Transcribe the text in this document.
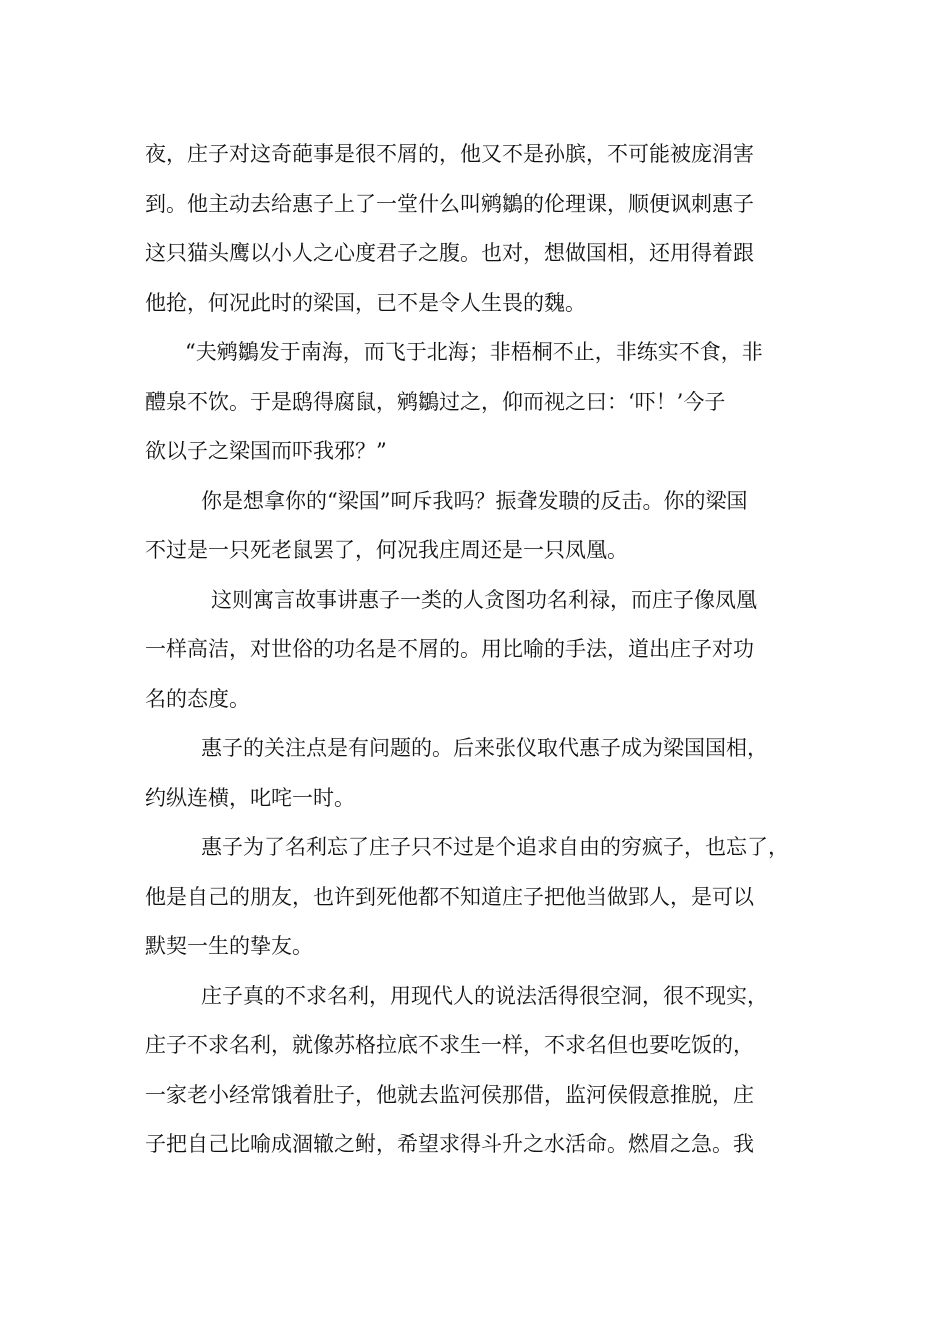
夜，庄子对这奇葩事是很不屑的，他又不是孙膑，不可能被庞涓害
到。他主动去给惠子上了一堂什么叫鹓鶵的伦理课，顺便讽刺惠子
这只猫头鹰以小人之心度君子之腹。也对，想做国相，还用得着跟
他抢，何况此时的梁国，已不是令人生畏的魏。
“夫鹓鶵发于南海，而飞于北海；非梧桐不止，非练实不食，非
醴泉不饮。于是鸱得腐鼠，鹓鶵过之，仰而视之曰：‘吓！’今子
欲以子之梁国而吓我邪？”
你是想拿你的“梁国”呵斥我吗？振聋发聩的反击。你的梁国
不过是一只死老鼠罢了，何况我庄周还是一只凤凰。
这则寓言故事讲惠子一类的人贪图功名利禄，而庄子像凤凰
一样高洁，对世俗的功名是不屑的。用比喻的手法，道出庄子对功
名的态度。
惠子的关注点是有问题的。后来张仪取代惠子成为梁国国相，
约纵连横，叱咤一时。
惠子为了名利忘了庄子只不过是个追求自由的穷疯子，也忘了，
他是自己的朋友，也许到死他都不知道庄子把他当做郢人，是可以
默契一生的挚友。
庄子真的不求名利，用现代人的说法活得很空洞，很不现实，
庄子不求名利，就像苏格拉底不求生一样，不求名但也要吃饭的，
一家老小经常饿着肚子，他就去监河侯那借，监河侯假意推脱，庄
子把自己比喻成涸辙之鲋，希望求得斗升之水活命。燃眉之急。我
